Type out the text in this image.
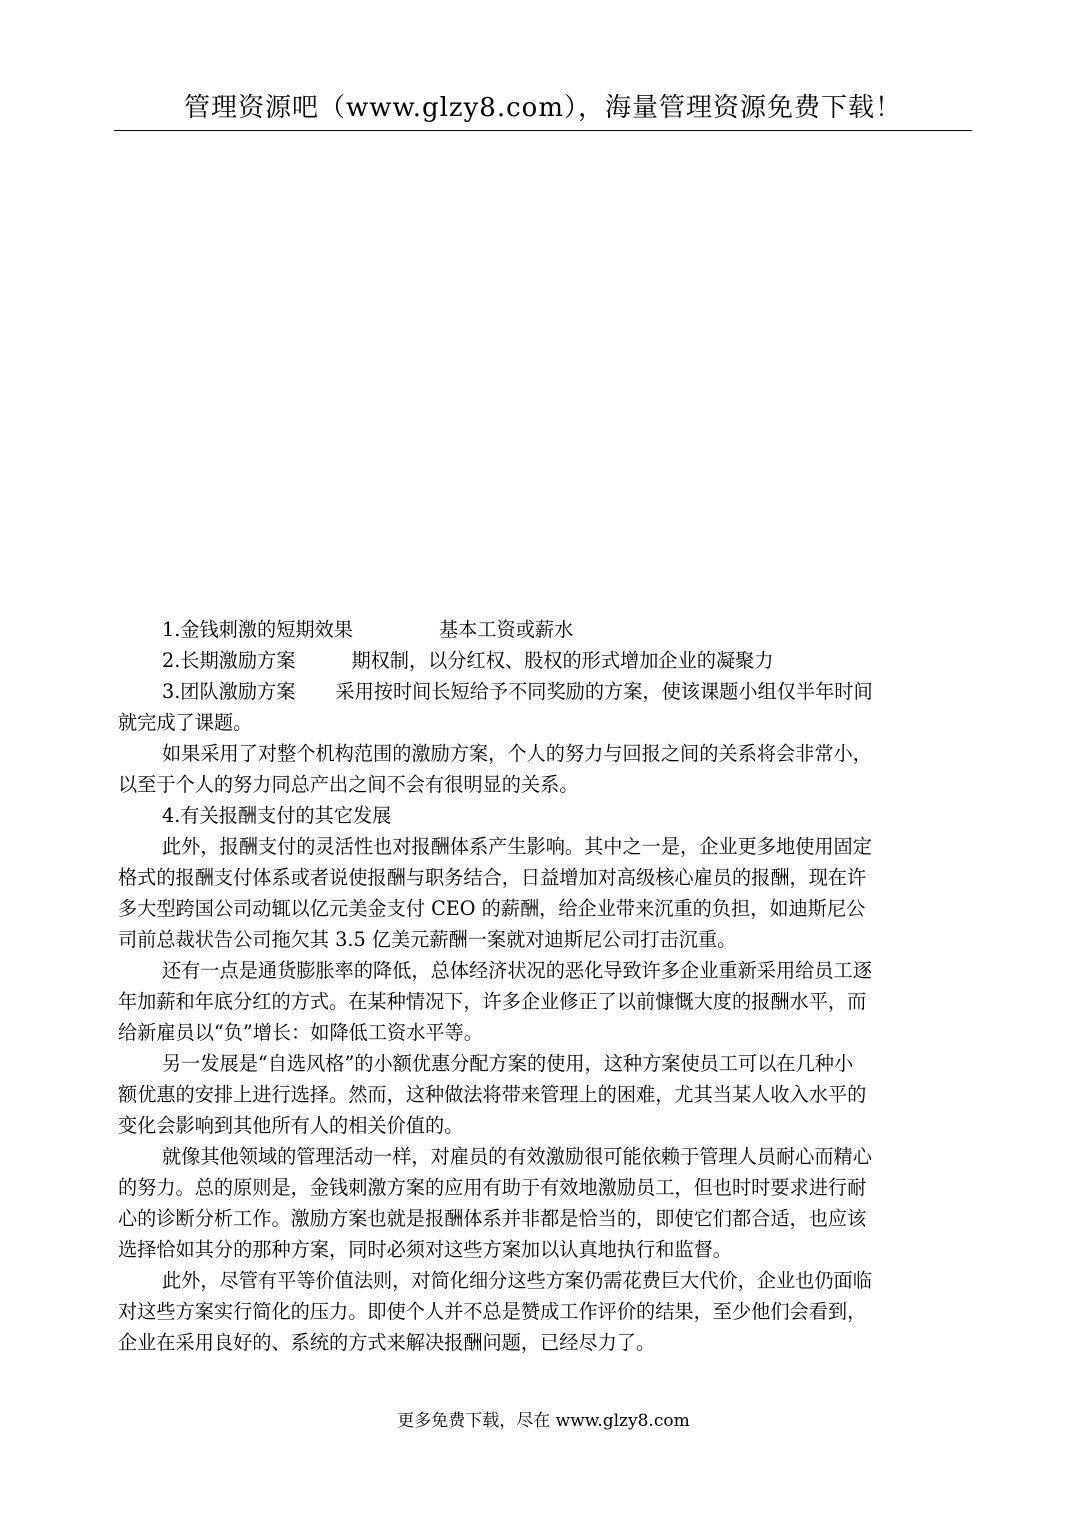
管理资源吧（www.glzy8.com），海量管理资源免费下载！
1.金钱刺激的短期效果	基本工资或薪水
2.长期激励方案	期权制，以分红权、股权的形式增加企业的凝聚力
3.团队激励方案 采用按时间长短给予不同奖励的方案，使该课题小组仅半年时间
就完成了课题。
如果采用了对整个机构范围的激励方案，个人的努力与回报之间的关系将会非常小，
以至于个人的努力同总产出之间不会有很明显的关系。
4.有关报酬支付的其它发展
此外，报酬支付的灵活性也对报酬体系产生影响。其中之一是，企业更多地使用固定
格式的报酬支付体系或者说使报酬与职务结合，日益增加对高级核心雇员的报酬，现在许
多大型跨国公司动辄以亿元美金支付 CEO 的薪酬，给企业带来沉重的负担，如迪斯尼公
司前总裁状告公司拖欠其 3.5 亿美元薪酬一案就对迪斯尼公司打击沉重。
还有一点是通货膨胀率的降低，总体经济状况的恶化导致许多企业重新采用给员工逐
年加薪和年底分红的方式。在某种情况下，许多企业修正了以前慷慨大度的报酬水平，而
给新雇员以“负”增长：如降低工资水平等。
另一发展是“自选风格”的小额优惠分配方案的使用，这种方案使员工可以在几种小
额优惠的安排上进行选择。然而，这种做法将带来管理上的困难，尤其当某人收入水平的
变化会影响到其他所有人的相关价值的。
就像其他领域的管理活动一样，对雇员的有效激励很可能依赖于管理人员耐心而精心
的努力。总的原则是，金钱刺激方案的应用有助于有效地激励员工，但也时时要求进行耐
心的诊断分析工作。激励方案也就是报酬体系并非都是恰当的，即使它们都合适，也应该
选择恰如其分的那种方案，同时必须对这些方案加以认真地执行和监督。
此外，尽管有平等价值法则，对简化细分这些方案仍需花费巨大代价，企业也仍面临
对这些方案实行简化的压力。即使个人并不总是赞成工作评价的结果，至少他们会看到，
企业在采用良好的、系统的方式来解决报酬问题，已经尽力了。
更多免费下载，尽在 www.glzy8.com
